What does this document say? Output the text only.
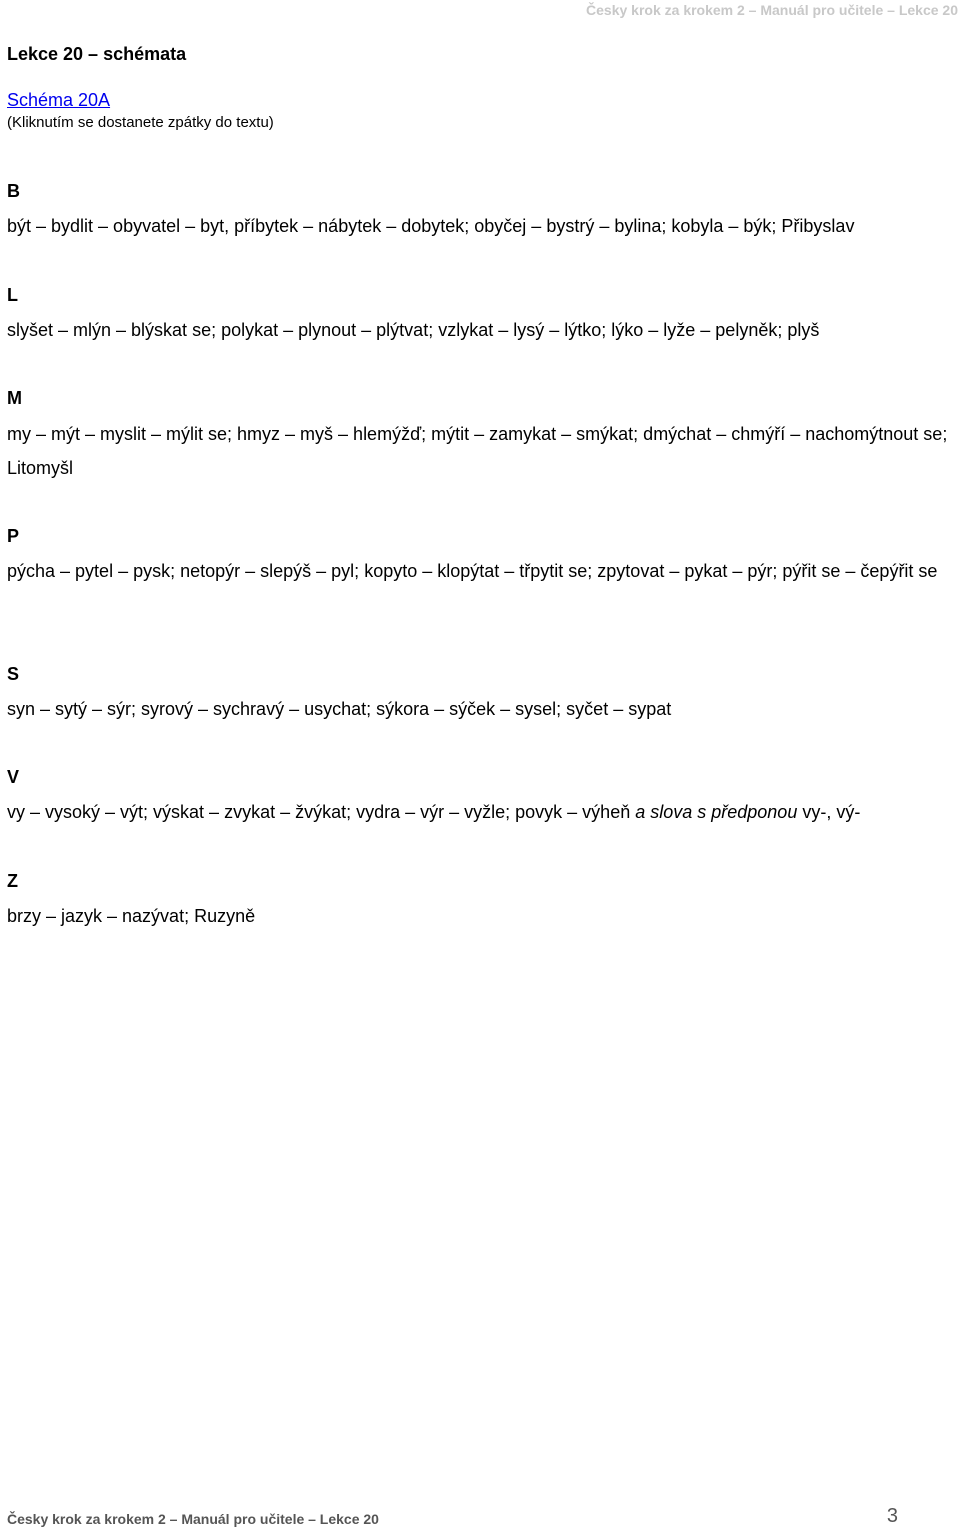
Česky krok za krokem 2 – Manuál pro učitele – Lekce 20
Lekce 20 – schémata
Schéma 20A
(Kliknutím se dostanete zpátky do textu)
B

být – bydlit – obyvatel – byt, příbytek – nábytek – dobytek; obyčej – bystrý – bylina; kobyla – býk; Přibyslav

L

slyšet – mlýn – blýskat se; polykat – plynout – plýtvat; vzlykat – lysý – lýtko; lýko – lyže – pelyněk; plyš

M

my – mýt – myslit – mýlit se; hmyz – myš – hlemýžď; mýtit – zamykat – smýkat; dmýchat – chmýří – nachomýtnout se; Litomyšl

P

pýcha – pytel – pysk; netopýr – slepýš – pyl; kopyto – klopýtat – třpytit se; zpytovat – pykat – pýr; pýřit se – čepýřit se

S

syn – sytý – sýr; syrový – sychravý – usychat; sýkora – sýček – sysel; syčet – sypat

V

vy – vysoký – výt; výskat – zvykat – žvýkat; vydra – výr – vyžle; povyk – výheň a slova s předponou vy-, vý-

Z

brzy – jazyk – nazývat; Ruzyně

Česky krok za krokem 2 – Manuál pro učitele – Lekce 20	3
